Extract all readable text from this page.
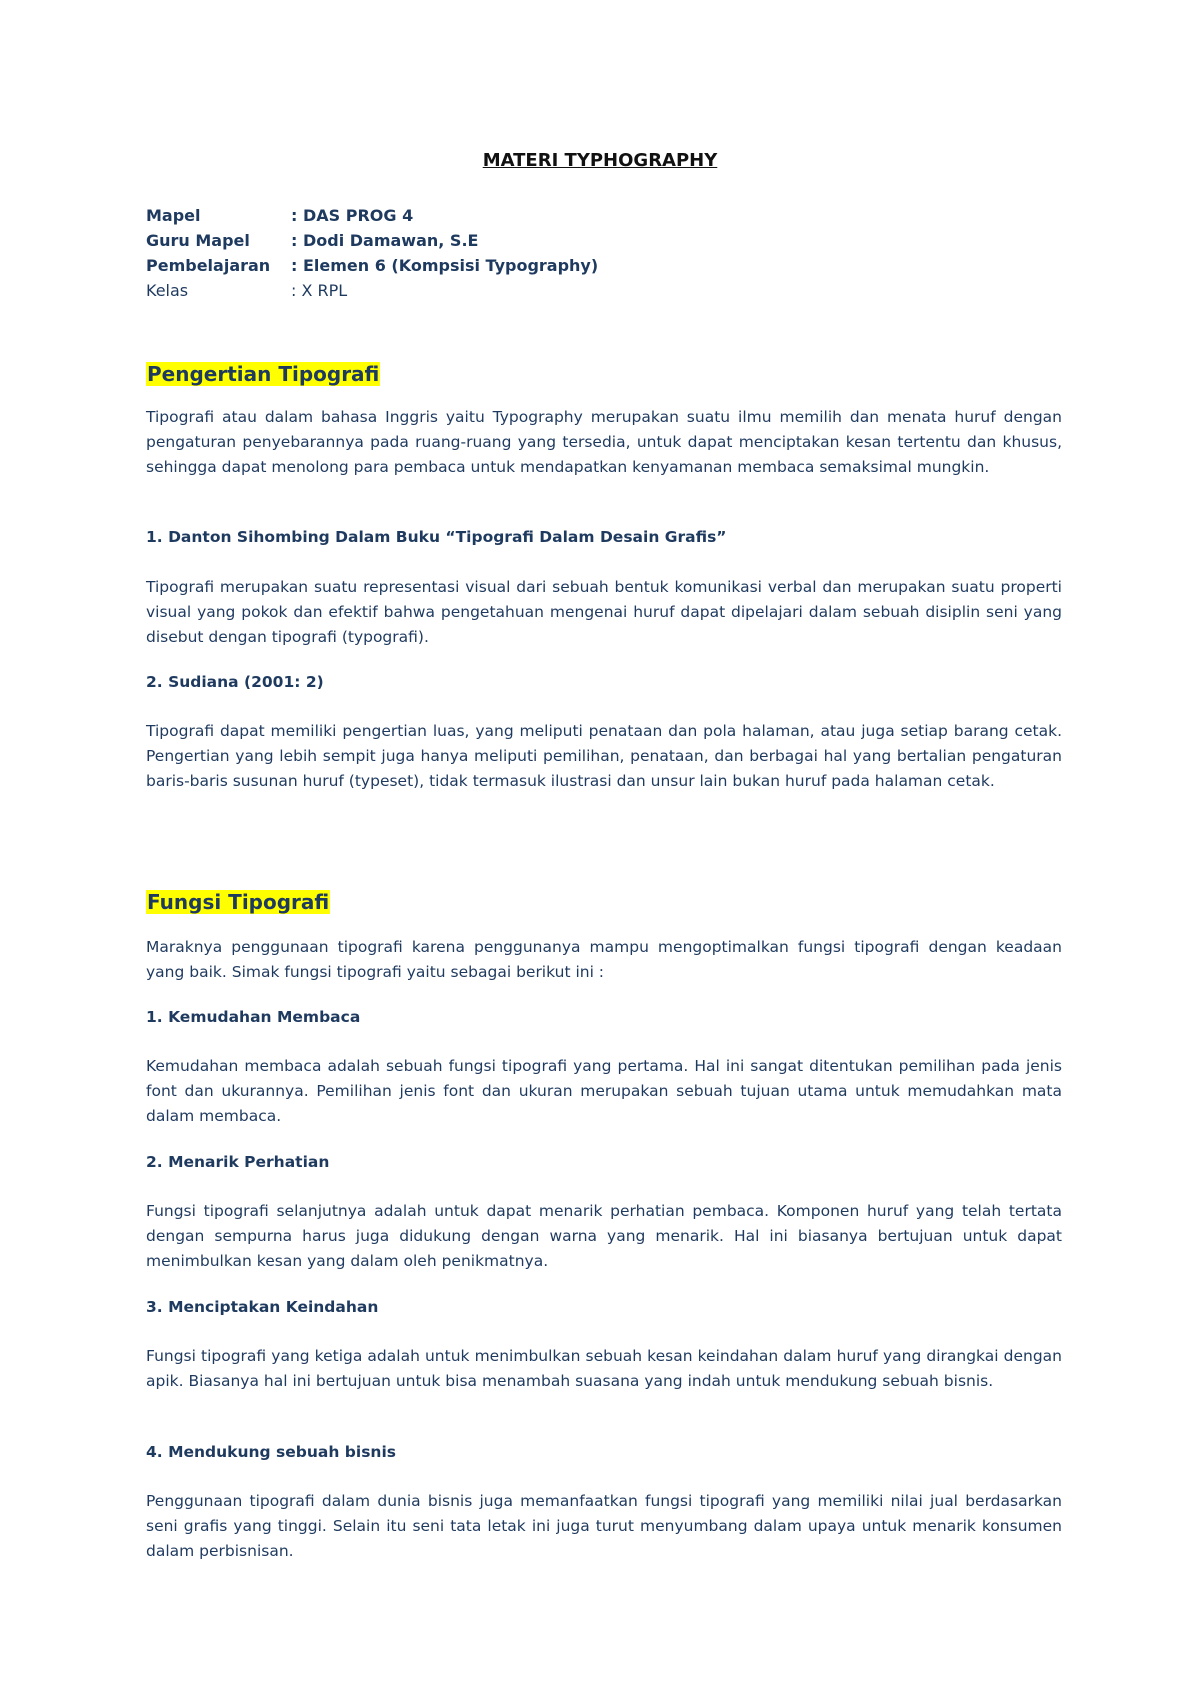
MATERI TYPHOGRAPHY
Mapel	: DAS PROG 4
Guru Mapel	: Dodi Damawan, S.E
Pembelajaran	: Elemen 6 (Kompsisi Typography)
Kelas	: X RPL
Pengertian Tipografi
Tipografi atau dalam bahasa Inggris yaitu Typography merupakan suatu ilmu memilih dan menata huruf dengan pengaturan penyebarannya pada ruang-ruang yang tersedia, untuk dapat menciptakan kesan tertentu dan khusus, sehingga dapat menolong para pembaca untuk mendapatkan kenyamanan membaca semaksimal mungkin.
1. Danton Sihombing Dalam Buku “Tipografi Dalam Desain Grafis”
Tipografi merupakan suatu representasi visual dari sebuah bentuk komunikasi verbal dan merupakan suatu properti visual yang pokok dan efektif bahwa pengetahuan mengenai huruf dapat dipelajari dalam sebuah disiplin seni yang disebut dengan tipografi (typografi).
2. Sudiana (2001: 2)
Tipografi dapat memiliki pengertian luas, yang meliputi penataan dan pola halaman, atau juga setiap barang cetak. Pengertian yang lebih sempit juga hanya meliputi pemilihan, penataan, dan berbagai hal yang bertalian pengaturan baris-baris susunan huruf (typeset), tidak termasuk ilustrasi dan unsur lain bukan huruf pada halaman cetak.
Fungsi Tipografi
Maraknya penggunaan tipografi karena penggunanya mampu mengoptimalkan fungsi tipografi dengan keadaan yang baik. Simak fungsi tipografi yaitu sebagai berikut ini :
1. Kemudahan Membaca
Kemudahan membaca adalah sebuah fungsi tipografi yang pertama. Hal ini sangat ditentukan pemilihan pada jenis font dan ukurannya. Pemilihan jenis font dan ukuran merupakan sebuah tujuan utama untuk memudahkan mata dalam membaca.
2. Menarik Perhatian
Fungsi tipografi selanjutnya adalah untuk dapat menarik perhatian pembaca. Komponen huruf yang telah tertata dengan sempurna harus juga didukung dengan warna yang menarik. Hal ini biasanya bertujuan untuk dapat menimbulkan kesan yang dalam oleh penikmatnya.
3. Menciptakan Keindahan
Fungsi tipografi yang ketiga adalah untuk menimbulkan sebuah kesan keindahan dalam huruf yang dirangkai dengan apik. Biasanya hal ini bertujuan untuk bisa menambah suasana yang indah untuk mendukung sebuah bisnis.
4. Mendukung sebuah bisnis
Penggunaan tipografi dalam dunia bisnis juga memanfaatkan fungsi tipografi yang memiliki nilai jual berdasarkan seni grafis yang tinggi. Selain itu seni tata letak ini juga turut menyumbang dalam upaya untuk menarik konsumen dalam perbisnisan.
